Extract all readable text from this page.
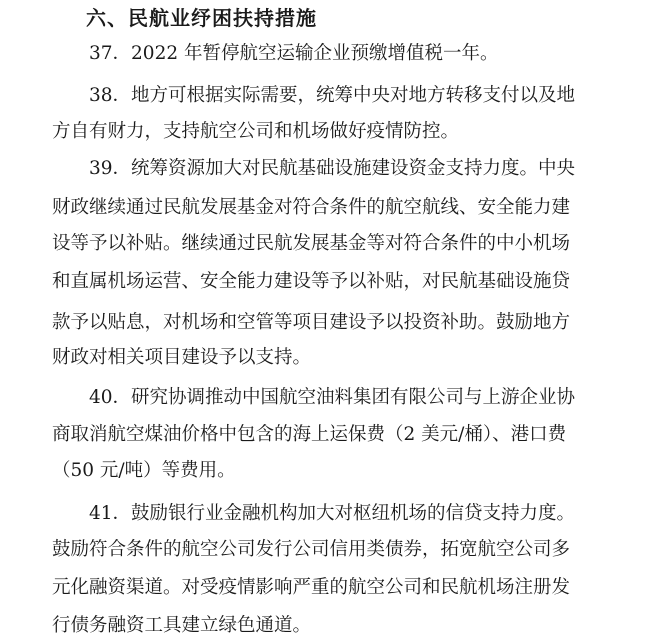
六、民航业纾困扶持措施
37．2022 年暂停航空运输企业预缴增值税一年。
38．地方可根据实际需要，统筹中央对地方转移支付以及地
方自有财力，支持航空公司和机场做好疫情防控。
39．统筹资源加大对民航基础设施建设资金支持力度。中央
财政继续通过民航发展基金对符合条件的航空航线、安全能力建
设等予以补贴。继续通过民航发展基金等对符合条件的中小机场
和直属机场运营、安全能力建设等予以补贴，对民航基础设施贷
款予以贴息，对机场和空管等项目建设予以投资补助。鼓励地方
财政对相关项目建设予以支持。
40．研究协调推动中国航空油料集团有限公司与上游企业协
商取消航空煤油价格中包含的海上运保费（2 美元/桶）、港口费
（50 元/吨）等费用。
41．鼓励银行业金融机构加大对枢纽机场的信贷支持力度。
鼓励符合条件的航空公司发行公司信用类债券，拓宽航空公司多
元化融资渠道。对受疫情影响严重的航空公司和民航机场注册发
行债务融资工具建立绿色通道。
